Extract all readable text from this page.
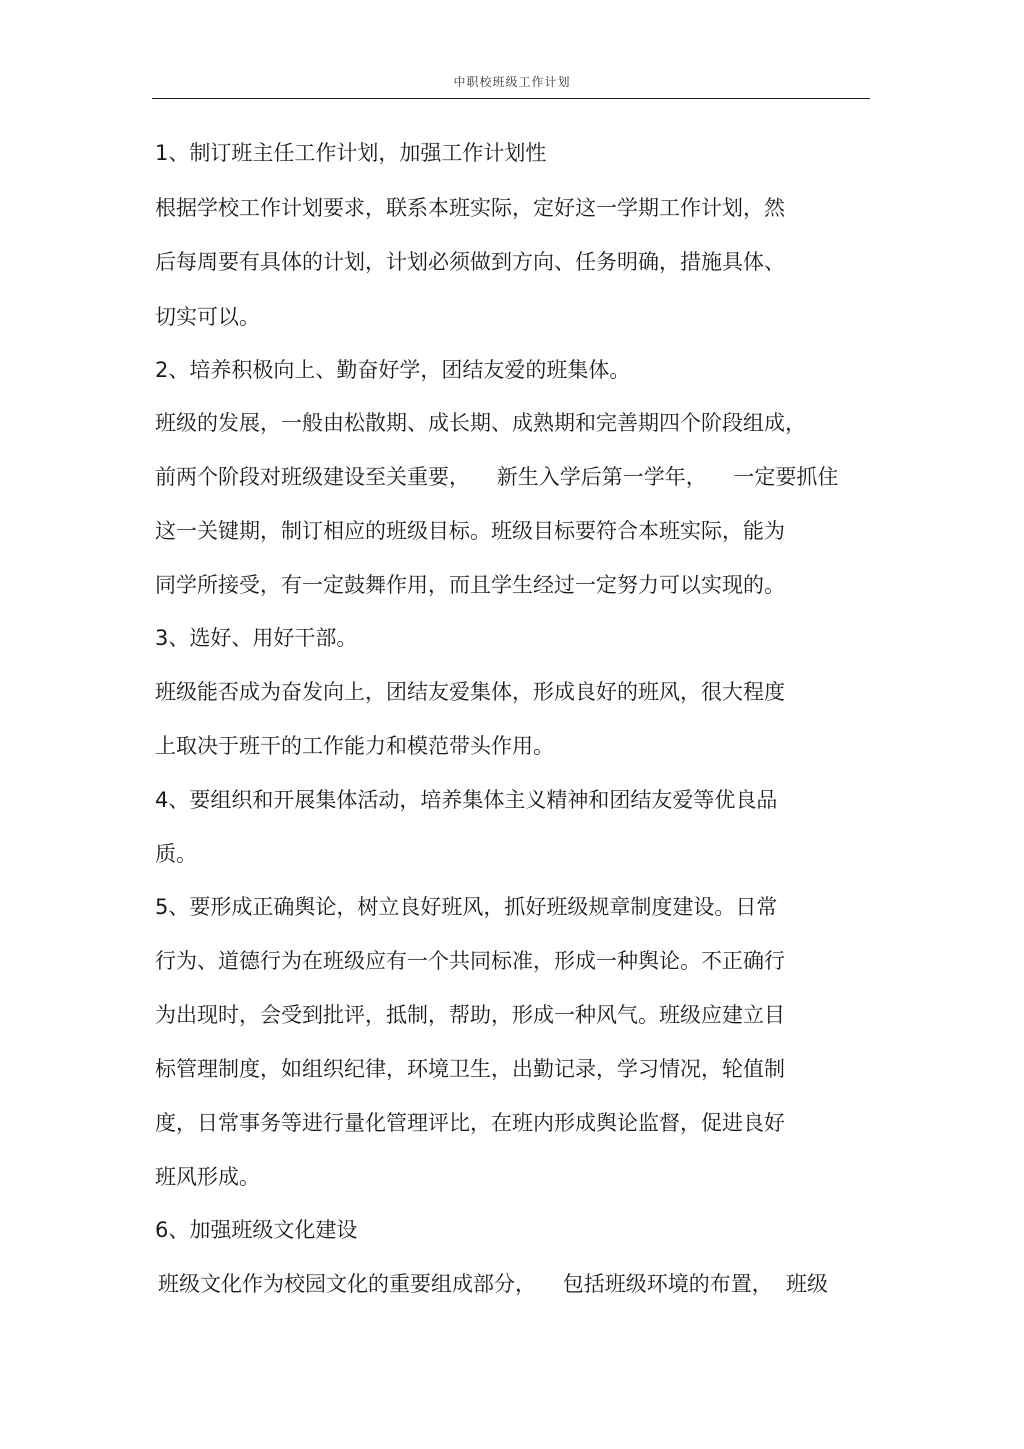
中职校班级工作计划
1、制订班主任工作计划，加强工作计划性
根据学校工作计划要求，联系本班实际，定好这一学期工作计划，然
后每周要有具体的计划，计划必须做到方向、任务明确，措施具体、
切实可以。
2、培养积极向上、勤奋好学，团结友爱的班集体。
班级的发展，一般由松散期、成长期、成熟期和完善期四个阶段组成，
前两个阶段对班级建设至关重要，    新生入学后第一学年，    一定要抓住
这一关键期，制订相应的班级目标。班级目标要符合本班实际，能为
同学所接受，有一定鼓舞作用，而且学生经过一定努力可以实现的。
3、选好、用好干部。
班级能否成为奋发向上，团结友爱集体，形成良好的班风，很大程度
上取决于班干的工作能力和模范带头作用。
4、要组织和开展集体活动，培养集体主义精神和团结友爱等优良品
质。
5、要形成正确舆论，树立良好班风，抓好班级规章制度建设。日常
行为、道德行为在班级应有一个共同标准，形成一种舆论。不正确行
为出现时，会受到批评，抵制，帮助，形成一种风气。班级应建立目
标管理制度，如组织纪律，环境卫生，出勤记录，学习情况，轮值制
度，日常事务等进行量化管理评比，在班内形成舆论监督，促进良好
班风形成。
6、加强班级文化建设
班级文化作为校园文化的重要组成部分，    包括班级环境的布置，  班级
